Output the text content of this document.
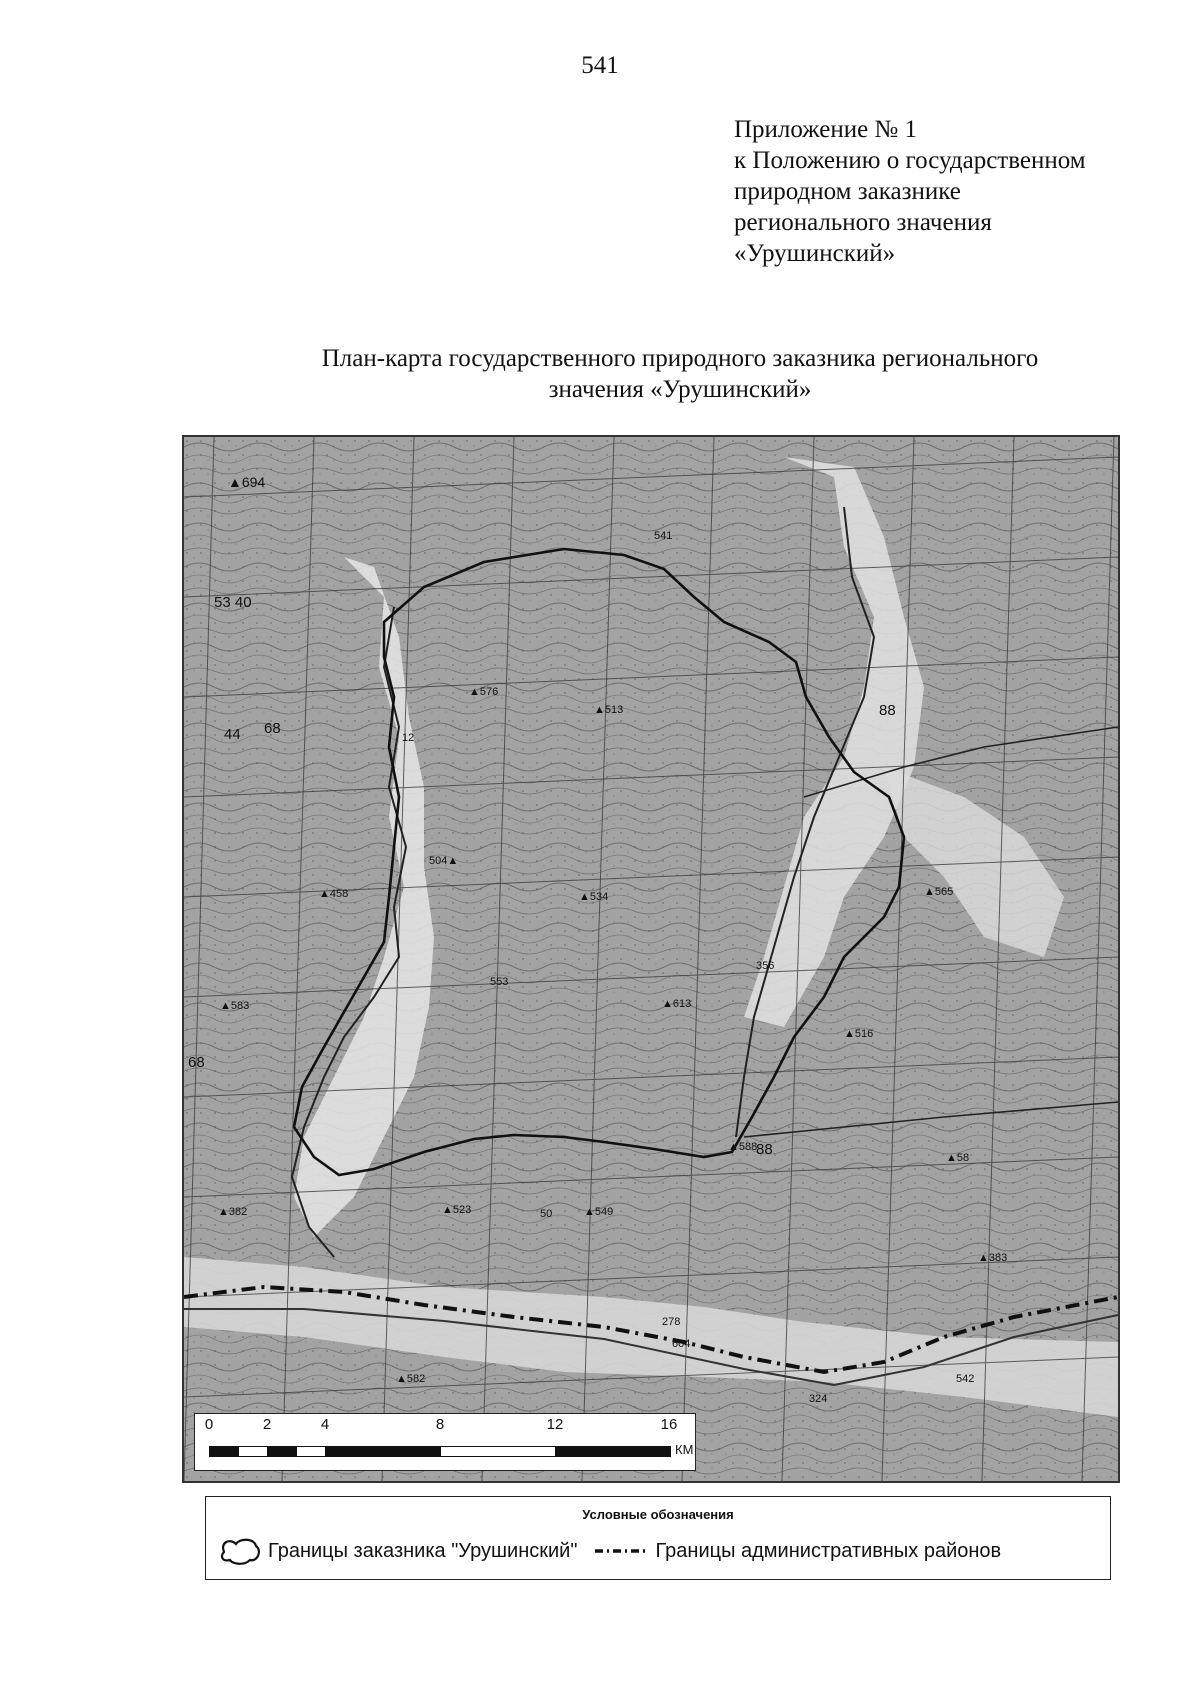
541
Приложение № 1
к Положению о государственном
природном заказнике
регионального значения
«Урушинский»
План-карта государственного природного заказника регионального
значения «Урушинский»
▲694
541
53 40
▲576
▲513
68
44	12
▲458
504▲
▲534
88
▲565
356
▲613
▲516
553
▲583
68
▲588
88	▲58
▲382	▲523	50	▲549
▲383
▲582
278
604
324
542
0	2	4	8	12	16
КМ
Условные обозначения
Границы заказника "Урушинский"	Границы административных районов
